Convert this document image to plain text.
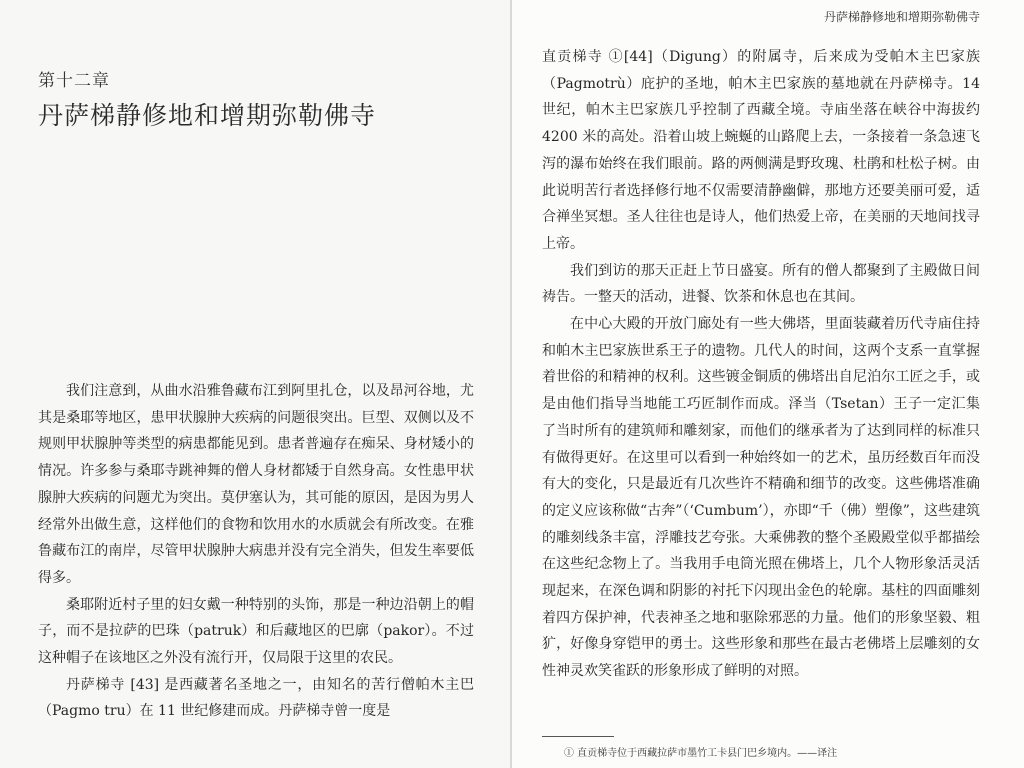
第十二章
丹萨梯静修地和增期弥勒佛寺

我们注意到，从曲水沿雅鲁藏布江到阿里扎仓，以及昂河谷地，尤其是桑耶等地区，患甲状腺肿大疾病的问题很突出。巨型、双侧以及不规则甲状腺肿等类型的病患都能见到。患者普遍存在痴呆、身材矮小的情况。许多参与桑耶寺跳神舞的僧人身材都矮于自然身高。女性患甲状腺肿大疾病的问题尤为突出。莫伊塞认为，其可能的原因，是因为男人经常外出做生意，这样他们的食物和饮用水的水质就会有所改变。在雅鲁藏布江的南岸，尽管甲状腺肿大病患并没有完全消失，但发生率要低得多。

桑耶附近村子里的妇女戴一种特别的头饰，那是一种边沿朝上的帽子，而不是拉萨的巴珠（patruk）和后藏地区的巴廓（pakor）。不过这种帽子在该地区之外没有流行开，仅局限于这里的农民。

丹萨梯寺 [43] 是西藏著名圣地之一，由知名的苦行僧帕木主巴（Pagmo tru）在 11 世纪修建而成。丹萨梯寺曾一度是

丹萨梯静修地和增期弥勒佛寺

直贡梯寺 ①[44]（Digung）的附属寺，后来成为受帕木主巴家族（Pagmotrù）庇护的圣地，帕木主巴家族的墓地就在丹萨梯寺。14 世纪，帕木主巴家族几乎控制了西藏全境。寺庙坐落在峡谷中海拔约 4200 米的高处。沿着山坡上蜿蜒的山路爬上去，一条接着一条急速飞泻的瀑布始终在我们眼前。路的两侧满是野玫瑰、杜鹃和杜松子树。由此说明苦行者选择修行地不仅需要清静幽僻，那地方还要美丽可爱，适合禅坐冥想。圣人往往也是诗人，他们热爱上帝，在美丽的天地间找寻上帝。

我们到访的那天正赶上节日盛宴。所有的僧人都聚到了主殿做日间祷告。一整天的活动，进餐、饮茶和休息也在其间。

在中心大殿的开放门廊处有一些大佛塔，里面装藏着历代寺庙住持和帕木主巴家族世系王子的遗物。几代人的时间，这两个支系一直掌握着世俗的和精神的权利。这些镀金铜质的佛塔出自尼泊尔工匠之手，或是由他们指导当地能工巧匠制作而成。泽当（Tsetan）王子一定汇集了当时所有的建筑师和雕刻家，而他们的继承者为了达到同样的标准只有做得更好。在这里可以看到一种始终如一的艺术，虽历经数百年而没有大的变化，只是最近有几次些许不精确和细节的改变。这些佛塔准确的定义应该称做“古奔”（‘Cumbum’），亦即“千（佛）塑像”，这些建筑的雕刻线条丰富，浮雕技艺夸张。大乘佛教的整个圣殿殿堂似乎都描绘在这些纪念物上了。当我用手电筒光照在佛塔上，几个人物形象活灵活现起来，在深色调和阴影的衬托下闪现出金色的轮廓。基柱的四面雕刻着四方保护神，代表神圣之地和驱除邪恶的力量。他们的形象坚毅、粗犷，好像身穿铠甲的勇士。这些形象和那些在最古老佛塔上层雕刻的女性神灵欢笑雀跃的形象形成了鲜明的对照。

① 直贡梯寺位于西藏拉萨市墨竹工卡县门巴乡境内。——译注
